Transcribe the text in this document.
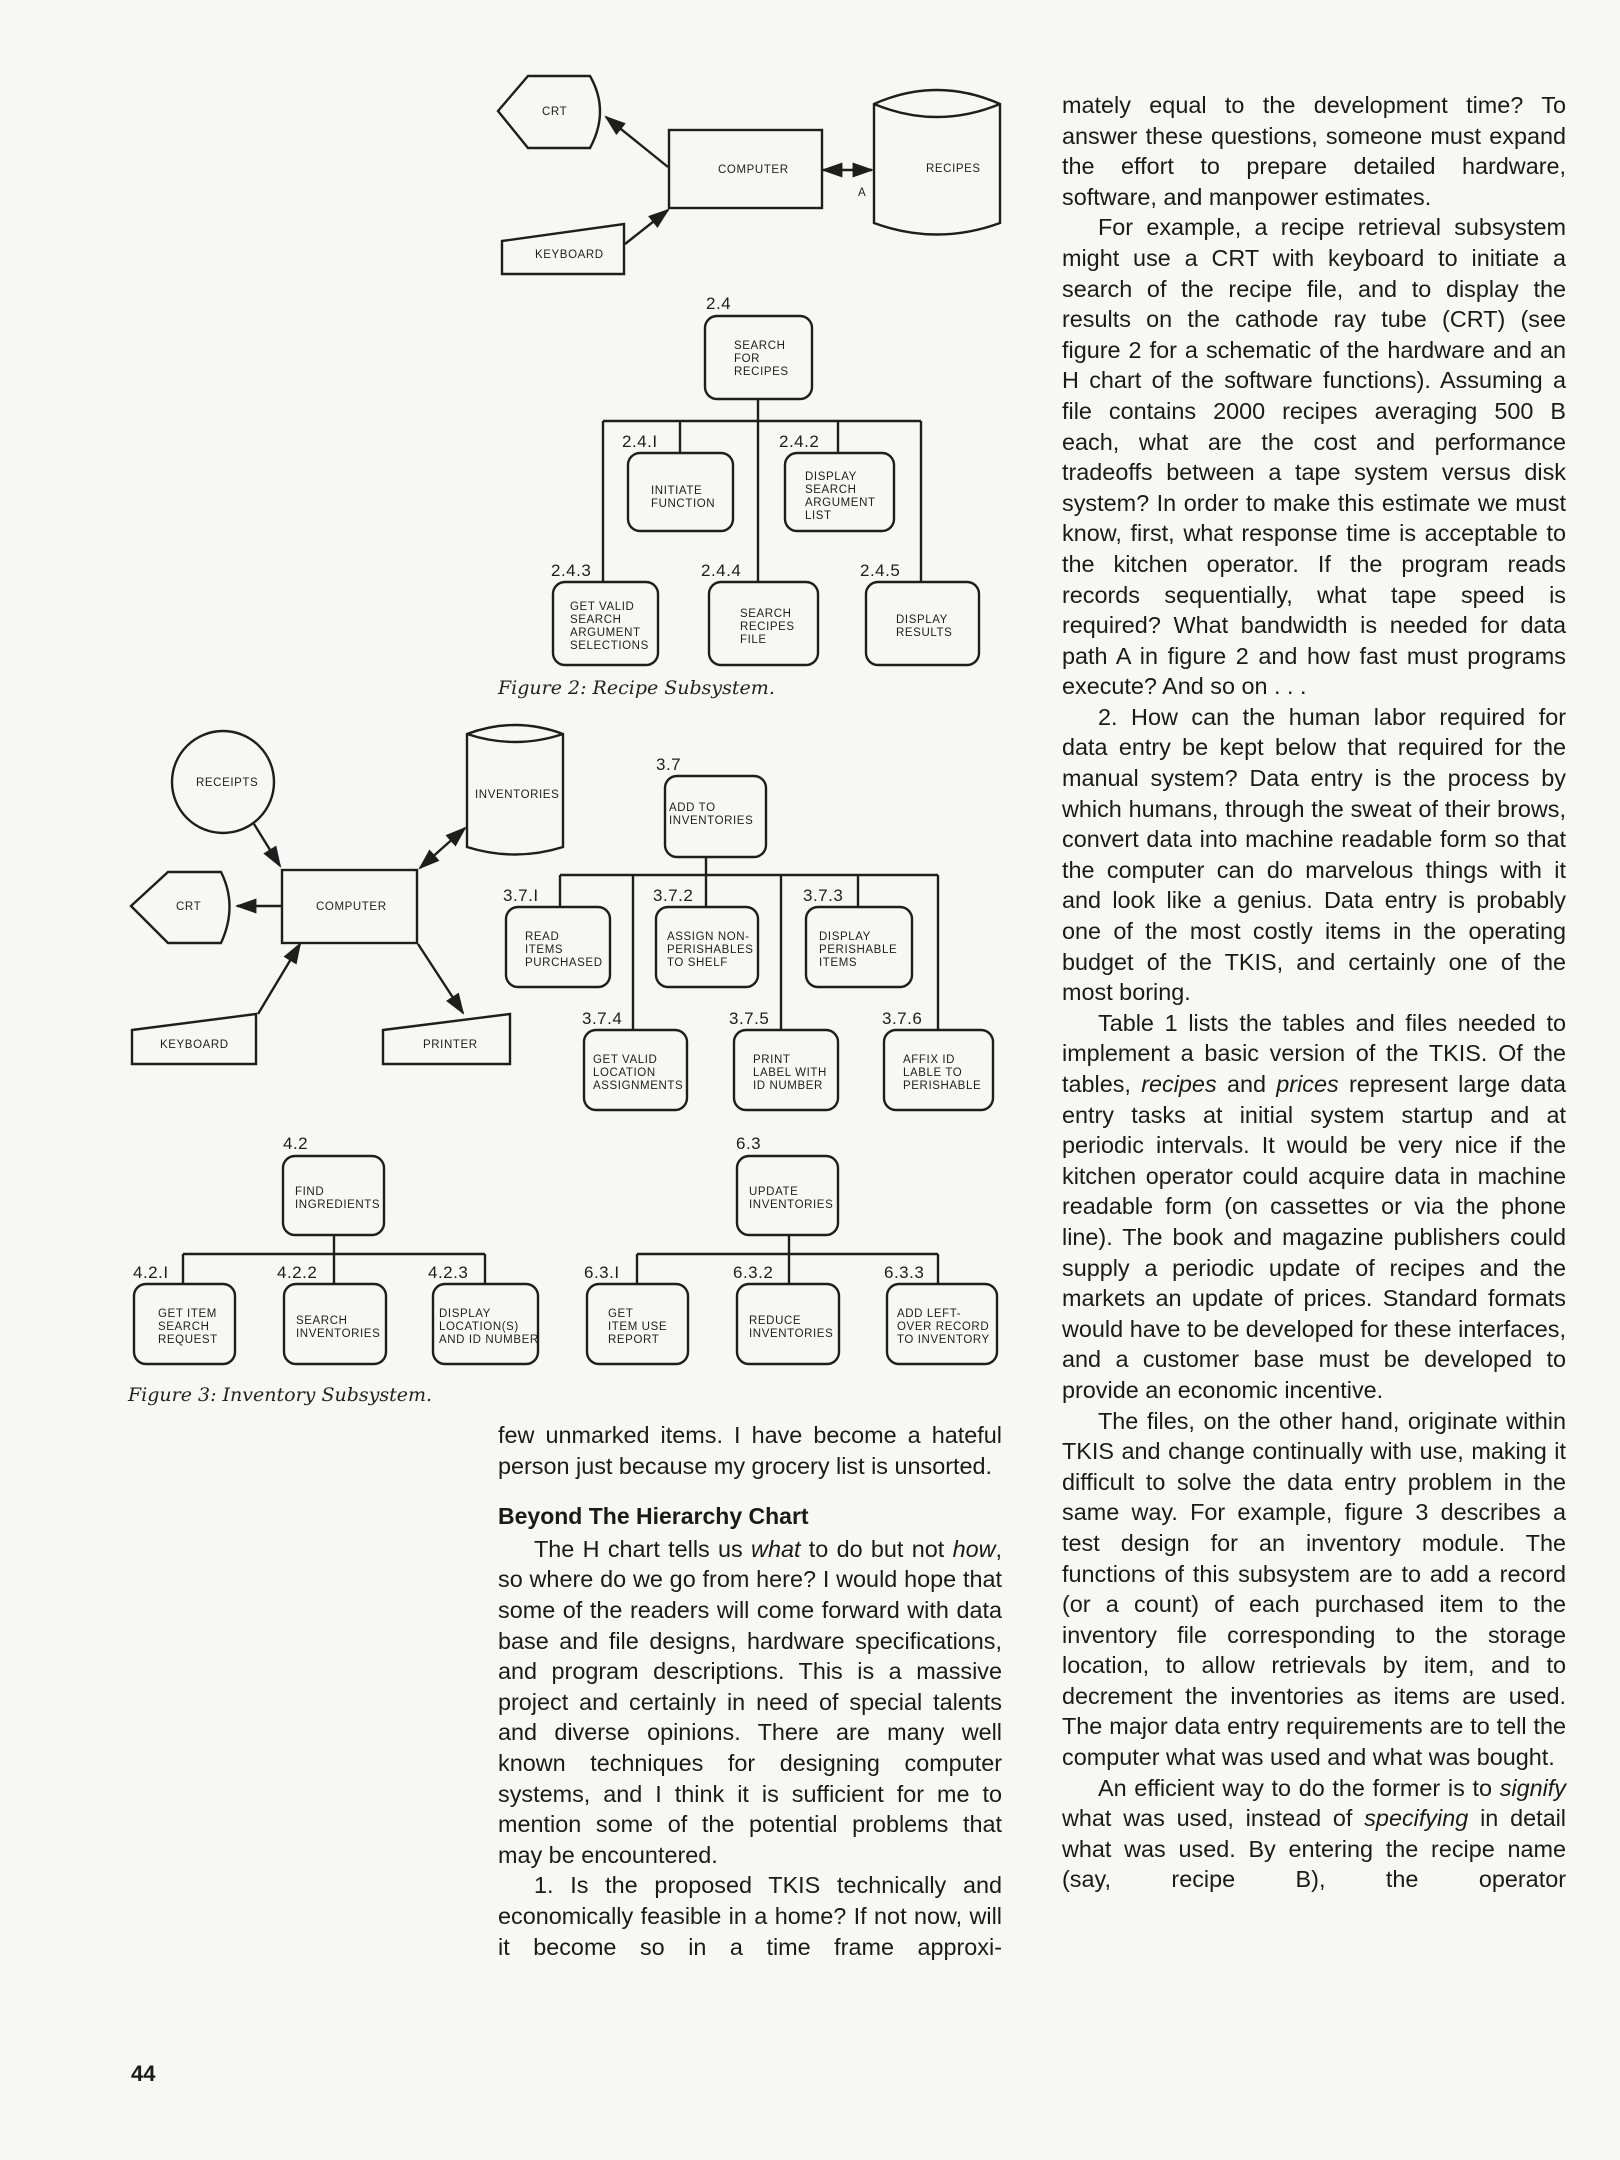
CRT
COMPUTER	RECIPES
KEYBOARD
A
SEARCH
FOR
RECIPES
INITIATE
FUNCTION
DISPLAY
SEARCH
ARGUMENT
LIST
GET VALID
SEARCH
ARGUMENT
SELECTIONS
SEARCH
RECIPES
FILE
DISPLAY
RESULTS
RECEIPTS
INVENTORIES
CRT	COMPUTER
KEYBOARD	PRINTER
ADD TO
INVENTORIES
READ
ITEMS
PURCHASED
ASSIGN NON-
PERISHABLES
TO SHELF
DISPLAY
PERISHABLE
ITEMS
GET VALID
LOCATION
ASSIGNMENTS
PRINT
LABEL WITH
ID NUMBER
AFFIX ID
LABLE TO
PERISHABLE
FIND
INGREDIENTS
GET ITEM
SEARCH
REQUEST
SEARCH
INVENTORIES
DISPLAY
LOCATION(S)
AND ID NUMBER
UPDATE
INVENTORIES
GET
ITEM USE
REPORT
REDUCE
INVENTORIES
ADD LEFT-
OVER RECORD
TO INVENTORY
2.4
2.4.I	2.4.2
2.4.3	2.4.4	2.4.5
3.7
3.7.I	3.7.2	3.7.3
3.7.4	3.7.5	3.7.6
4.2
4.2.I	4.2.2	4.2.3
6.3
6.3.I	6.3.2	6.3.3
Figure 2: Recipe Subsystem.
Figure 3: Inventory Subsystem.

few unmarked items. I have become a hateful person just because my grocery list is unsorted.

Beyond The Hierarchy Chart

The H chart tells us what to do but not how, so where do we go from here? I would hope that some of the readers will come forward with data base and file designs, hardware specifications, and program descriptions. This is a massive project and certainly in need of special talents and diverse opinions. There are many well known techniques for designing computer systems, and I think it is sufficient for me to mention some of the potential problems that may be encountered.

1. Is the proposed TKIS technically and economically feasible in a home? If not now, will it become so in a time frame approxi-

mately equal to the development time? To answer these questions, someone must expand the effort to prepare detailed hardware, software, and manpower estimates.

For example, a recipe retrieval subsystem might use a CRT with keyboard to initiate a search of the recipe file, and to display the results on the cathode ray tube (CRT) (see figure 2 for a schematic of the hardware and an H chart of the software functions). Assuming a file contains 2000 recipes averaging 500 B each, what are the cost and performance tradeoffs between a tape system versus disk system? In order to make this estimate we must know, first, what response time is acceptable to the kitchen operator. If the program reads records sequentially, what tape speed is required? What bandwidth is needed for data path A in figure 2 and how fast must programs execute? And so on . . .

2. How can the human labor required for data entry be kept below that required for the manual system? Data entry is the process by which humans, through the sweat of their brows, convert data into machine readable form so that the computer can do marvelous things with it and look like a genius. Data entry is probably one of the most costly items in the operating budget of the TKIS, and certainly one of the most boring.

Table 1 lists the tables and files needed to implement a basic version of the TKIS. Of the tables, recipes and prices represent large data entry tasks at initial system startup and at periodic intervals. It would be very nice if the kitchen operator could acquire data in machine readable form (on cassettes or via the phone line). The book and magazine publishers could supply a periodic update of recipes and the markets an update of prices. Standard formats would have to be developed for these interfaces, and a customer base must be developed to provide an economic incentive.

The files, on the other hand, originate within TKIS and change continually with use, making it difficult to solve the data entry problem in the same way. For example, figure 3 describes a test design for an inventory module. The functions of this subsystem are to add a record (or a count) of each purchased item to the inventory file corresponding to the storage location, to allow retrievals by item, and to decrement the inventories as items are used. The major data entry requirements are to tell the computer what was used and what was bought.

An efficient way to do the former is to signify what was used, instead of specifying in detail what was used. By entering the recipe name (say, recipe B), the operator

44
